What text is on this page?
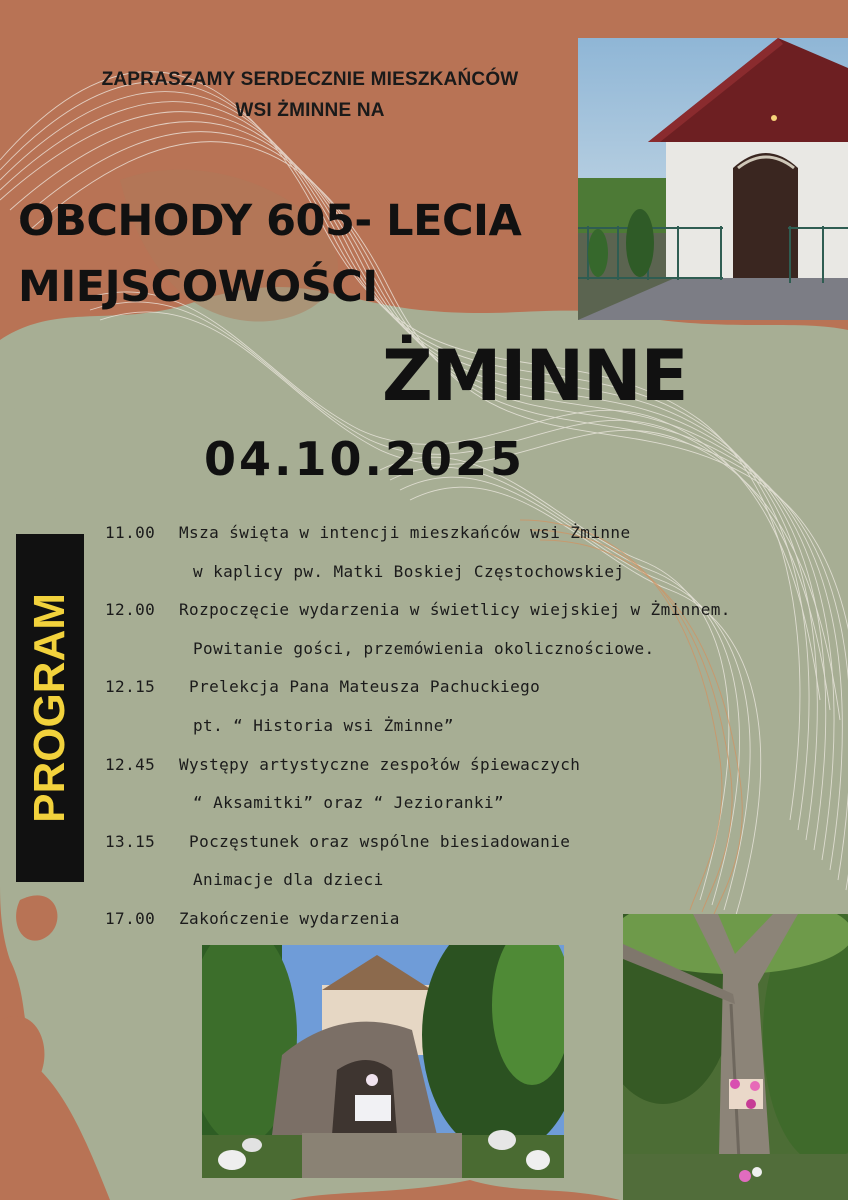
ZAPRASZAMY SERDECZNIE MIESZKAŃCÓW
WSI ŻMINNE NA
OBCHODY 605- LECIA
MIEJSCOWOŚCI
ŻMINNE
04.10.2025
PROGRAM
11.00 Msza święta w intencji mieszkańców wsi Żminne
w kaplicy pw. Matki Boskiej Częstochowskiej
12.00 Rozpoczęcie wydarzenia w świetlicy wiejskiej w Żminnem.
Powitanie gości, przemówienia okolicznościowe.
12.15 Prelekcja Pana Mateusza Pachuckiego
pt. “ Historia wsi Żminne”
12.45 Występy artystyczne zespołów śpiewaczych
“ Aksamitki” oraz “ Jezioranki”
13.15 Poczęstunek oraz wspólne biesiadowanie
Animacje dla dzieci
17.00 Zakończenie wydarzenia
